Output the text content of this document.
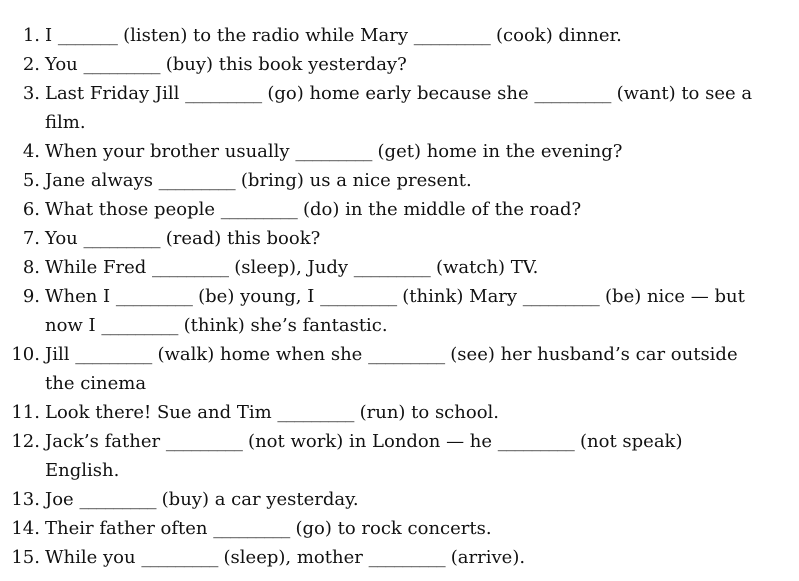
1. I _______ (listen) to the radio while Mary _________ (cook) dinner.
2. You _________ (buy) this book yesterday?
3. Last Friday Jill _________ (go) home early because she _________ (want) to see a
film.
4. When your brother usually _________ (get) home in the evening?
5. Jane always _________ (bring) us a nice present.
6. What those people _________ (do) in the middle of the road?
7. You _________ (read) this book?
8. While Fred _________ (sleep), Judy _________ (watch) TV.
9. When I _________ (be) young, I _________ (think) Mary _________ (be) nice — but
now I _________ (think) she’s fantastic.
10. Jill _________ (walk) home when she _________ (see) her husband’s car outside
the cinema
11. Look there! Sue and Tim _________ (run) to school.
12. Jack’s father _________ (not work) in London — he _________ (not speak)
English.
13. Joe _________ (buy) a car yesterday.
14. Their father often _________ (go) to rock concerts.
15. While you _________ (sleep), mother _________ (arrive).
